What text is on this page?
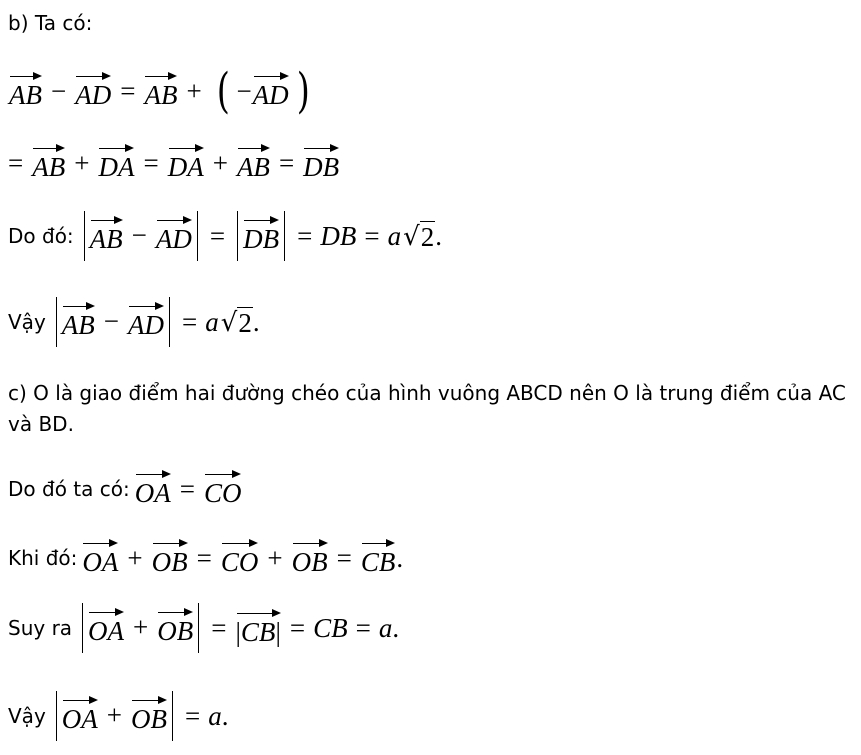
b) Ta có:
AB − AD = AB + ( − AD )
= AB + DA = DA + AB = DB
Do đó: AB − AD = DB = DB = a √ 2 .
Vậy AB − AD = a √ 2 .
c) O là giao điểm hai đường chéo của hình vuông ABCD nên O là trung điểm của AC và BD.
Do đó ta có: OA = CO
Khi đó: OA + OB = CO + OB = CB .
Suy ra OA + OB = |CB| = CB = a .
Vậy OA + OB = a .
